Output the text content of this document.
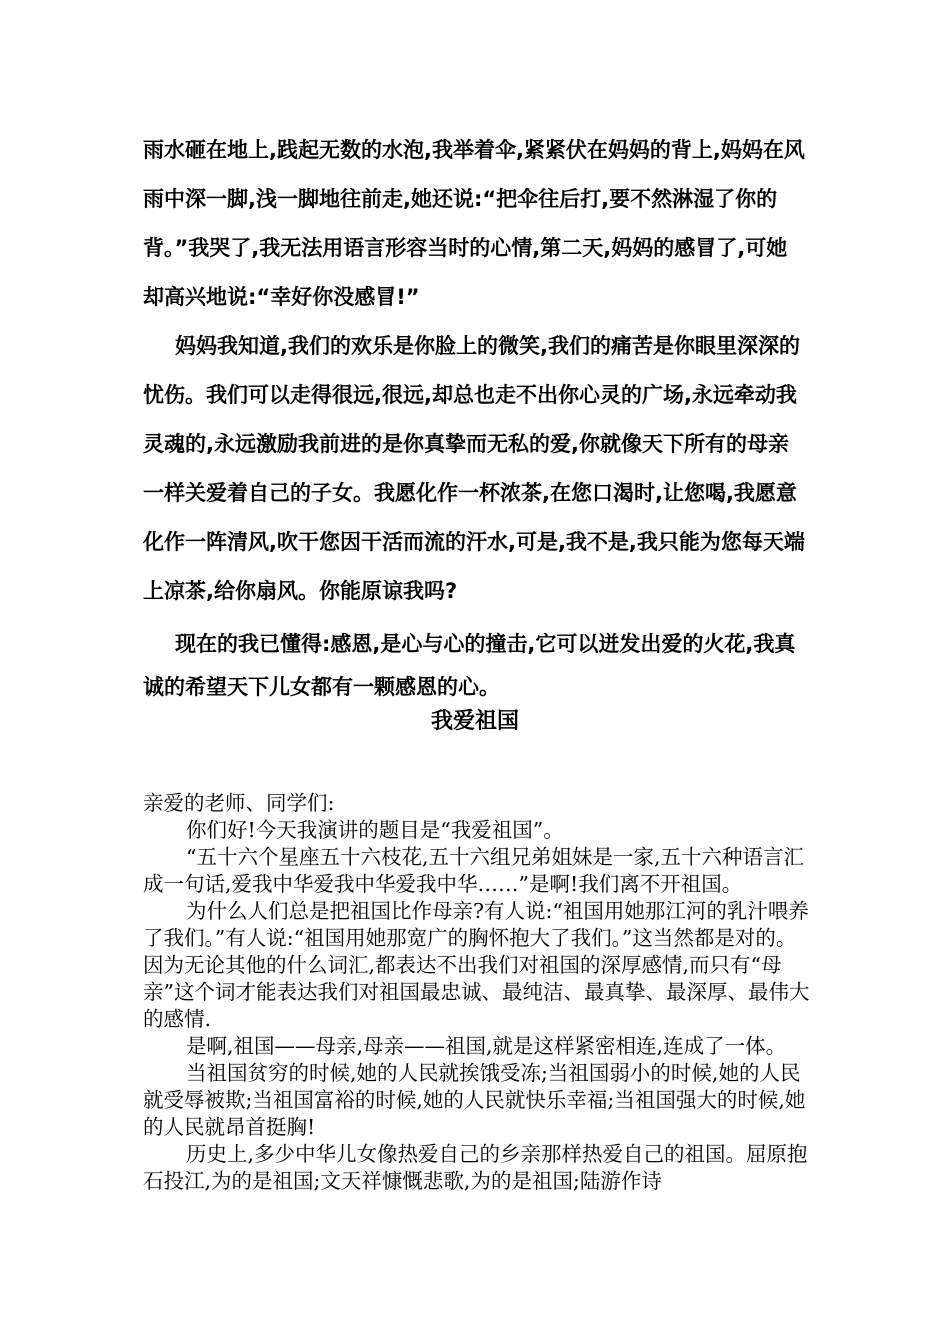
雨水砸在地上,践起无数的水泡,我举着伞,紧紧伏在妈妈的背上,妈妈在风雨中深一脚,浅一脚地往前走,她还说:“把伞往后打,要不然淋湿了你的背。”我哭了,我无法用语言形容当时的心情,第二天,妈妈的感冒了,可她却高兴地说:“幸好你没感冒!”

妈妈我知道,我们的欢乐是你脸上的微笑,我们的痛苦是你眼里深深的忧伤。我们可以走得很远,很远,却总也走不出你心灵的广场,永远牵动我灵魂的,永远激励我前进的是你真挚而无私的爱,你就像天下所有的母亲一样关爱着自己的子女。我愿化作一杯浓茶,在您口渴时,让您喝,我愿意化作一阵清风,吹干您因干活而流的汗水,可是,我不是,我只能为您每天端上凉茶,给你扇风。你能原谅我吗?

现在的我已懂得:感恩,是心与心的撞击,它可以迸发出爱的火花,我真诚的希望天下儿女都有一颗感恩的心。

我爱祖国

亲爱的老师、同学们:

你们好!今天我演讲的题目是“我爱祖国”。

“五十六个星座五十六枝花,五十六组兄弟姐妹是一家,五十六种语言汇成一句话,爱我中华爱我中华爱我中华……”是啊!我们离不开祖国。

为什么人们总是把祖国比作母亲?有人说:“祖国用她那江河的乳汁喂养了我们。”有人说:“祖国用她那宽广的胸怀抱大了我们。”这当然都是对的。因为无论其他的什么词汇,都表达不出我们对祖国的深厚感情,而只有“母亲”这个词才能表达我们对祖国最忠诚、最纯洁、最真挚、最深厚、最伟大的感情.

是啊,祖国——母亲,母亲——祖国,就是这样紧密相连,连成了一体。

当祖国贫穷的时候,她的人民就挨饿受冻;当祖国弱小的时候,她的人民就受辱被欺;当祖国富裕的时候,她的人民就快乐幸福;当祖国强大的时候,她的人民就昂首挺胸!

历史上,多少中华儿女像热爱自己的乡亲那样热爱自己的祖国。屈原抱石投江,为的是祖国;文天祥慷慨悲歌,为的是祖国;陆游作诗
